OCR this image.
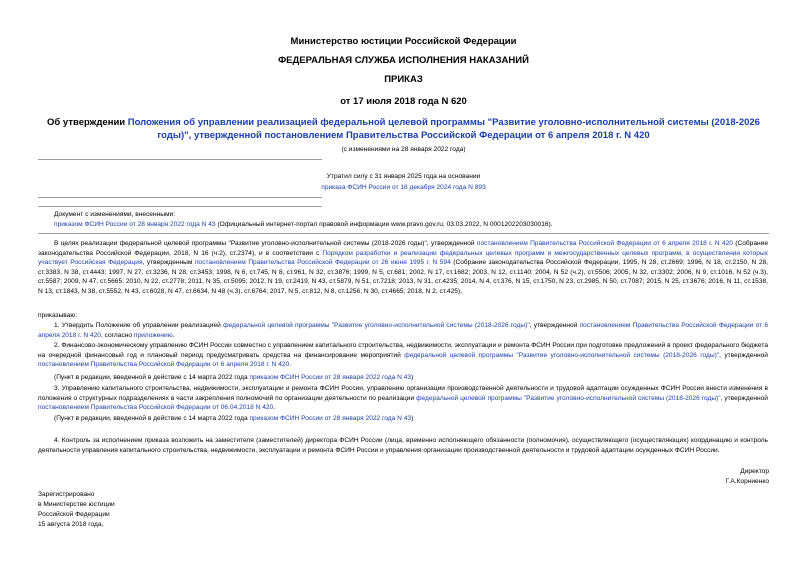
Министерство юстиции Российской Федерации
ФЕДЕРАЛЬНАЯ СЛУЖБА ИСПОЛНЕНИЯ НАКАЗАНИЙ
ПРИКАЗ
от 17 июля 2018 года N 620
Об утверждении Положения об управлении реализацией федеральной целевой программы "Развитие уголовно-исполнительной системы (2018-2026 годы)", утвержденной постановлением Правительства Российской Федерации от 6 апреля 2018 г. N 420
(с изменениями на 28 января 2022 года)
Утратил силу с 31 января 2025 года на основании
приказа ФСИН России от 18 декабря 2024 года N 893
Документ с изменениями, внесенными:
приказом ФСИН России от 28 января 2022 года N 43 (Официальный интернет-портал правовой информации www.pravo.gov.ru, 03.03.2022, N 0001202203030016).
В целях реализации федеральной целевой программы "Развитие уголовно-исполнительной системы (2018-2026 годы)", утвержденной постановлением Правительства Российской Федерации от 6 апреля 2018 г. N 420 (Собрание законодательства Российской Федерации, 2018, N 16 (ч.2), ст.2374), и в соответствии с Порядком разработки и реализации федеральных целевых программ и межгосударственных целевых программ, в осуществлении которых участвует Российская Федерация, утвержденным постановлением Правительства Российской Федерации от 26 июня 1995 г. N 594 (Собрание законодательства Российской Федерации, 1995, N 28, ст.2669; 1996, N 18, ст.2150, N 28, ст.3383, N 38, ст.4443; 1997, N 27, ст.3236, N 28, ст.3453; 1998, N 6, ст.745, N 8, ст.961, N 32, ст.3876; 1999, N 5, ст.681; 2002, N 17, ст.1682; 2003, N 12, ст.1140; 2004, N 52 (ч.2), ст.5506; 2005, N 32, ст.3302; 2006, N 9, ст.1016, N 52 (ч.3), ст.5587; 2009, N 47, ст.5665; 2010, N 22, ст.2778; 2011, N 35, ст.5095; 2012, N 19, ст.2419, N 43, ст.5879, N 51, ст.7218; 2013, N 31, ст.4235; 2014, N 4, ст.376, N 15, ст.1750, N 23, ст.2985, N 50, ст.7087; 2015, N 25, ст.3676; 2016, N 11, ст.1538, N 13, ст.1843, N 38, ст.5552, N 43, ст.6028, N 47, ст.6634, N 48 (ч.3), ст.6764; 2017, N 5, ст.812, N 8, ст.1256, N 30, ст.4665; 2018, N 2, ст.425),
приказываю:
1. Утвердить Положение об управлении реализацией федеральной целевой программы "Развитие уголовно-исполнительной системы (2018-2026 годы)", утвержденной постановлением Правительства Российской Федерации от 6 апреля 2018 г. N 420, согласно приложению.
2. Финансово-экономическому управлению ФСИН России совместно с управлением капитального строительства, недвижимости, эксплуатации и ремонта ФСИН России при подготовке предложений в проект федерального бюджета на очередной финансовый год и плановый период предусматривать средства на финансирование мероприятий федеральной целевой программы "Развитие уголовно-исполнительной системы (2018-2026 годы)", утвержденной постановлением Правительства Российской Федерации от 6 апреля 2018 г. N 420.
(Пункт в редакции, введенной в действие с 14 марта 2022 года приказом ФСИН России от 28 января 2022 года N 43)
3. Управлению капитального строительства, недвижимости, эксплуатации и ремонта ФСИН России, управлению организации производственной деятельности и трудовой адаптации осужденных ФСИН России внести изменения в положения о структурных подразделениях в части закрепления полномочий по организации деятельности по реализации федеральной целевой программы "Развитие уголовно-исполнительной системы (2018-2026 годы)", утвержденной постановлением Правительства Российской Федерации от 06.04.2018 N 420.
(Пункт в редакции, введенной в действие с 14 марта 2022 года приказом ФСИН России от 28 января 2022 года N 43)
4. Контроль за исполнением приказа возложить на заместителя (заместителей) директора ФСИН России (лица, временно исполняющего обязанности (полномочия), осуществляющего (осуществляющих) координацию и контроль деятельности управления капитального строительства, недвижимости, эксплуатации и ремонта ФСИН России и управления организации производственной деятельности и трудовой адаптации осужденных ФСИН России.
Директор
Г.А.Корниенко
Зарегистрировано
в Министерстве юстиции
Российской Федерации
15 августа 2018 года,
